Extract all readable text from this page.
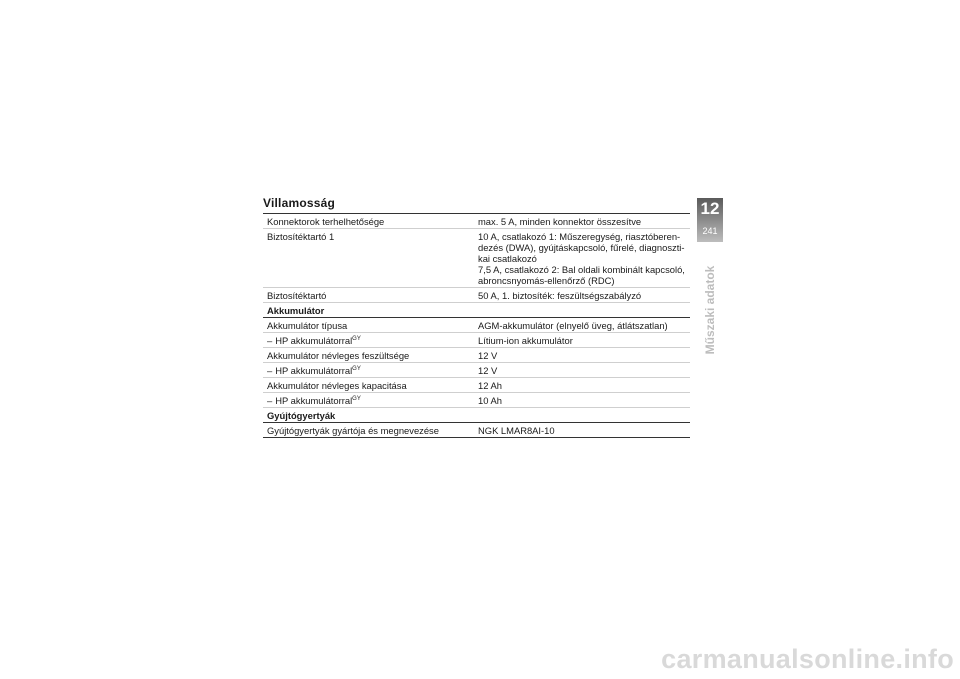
Villamosság
Konnektorok terhelhetősége	max. 5 A, minden konnektor összesítve
Biztosítéktartó 1	10 A, csatlakozó 1: Műszeregység, riasztóberen-
dezés (DWA), gyújtáskapcsoló, fűrelé, diagnoszti-
kai csatlakozó
7,5 A, csatlakozó 2: Bal oldali kombinált kapcsoló,
abroncsnyomás-ellenőrző (RDC)
Biztosítéktartó	50 A, 1. biztosíték: feszültségszabályzó
Akkumulátor
Akkumulátor típusa	AGM-akkumulátor (elnyelő üveg, átlátszatlan)
– HP akkumulátorral$^{GY}$	Lítium-ion akkumulátor
Akkumulátor névleges feszültsége	12 V
– HP akkumulátorral$^{GY}$	12 V
Akkumulátor névleges kapacitása	12 Ah
– HP akkumulátorral$^{GY}$	10 Ah
Gyújtógyertyák
Gyújtógyertyák gyártója és megnevezése	NGK LMAR8AI-10
12
241
Műszaki adatok
carmanualsonline.info
